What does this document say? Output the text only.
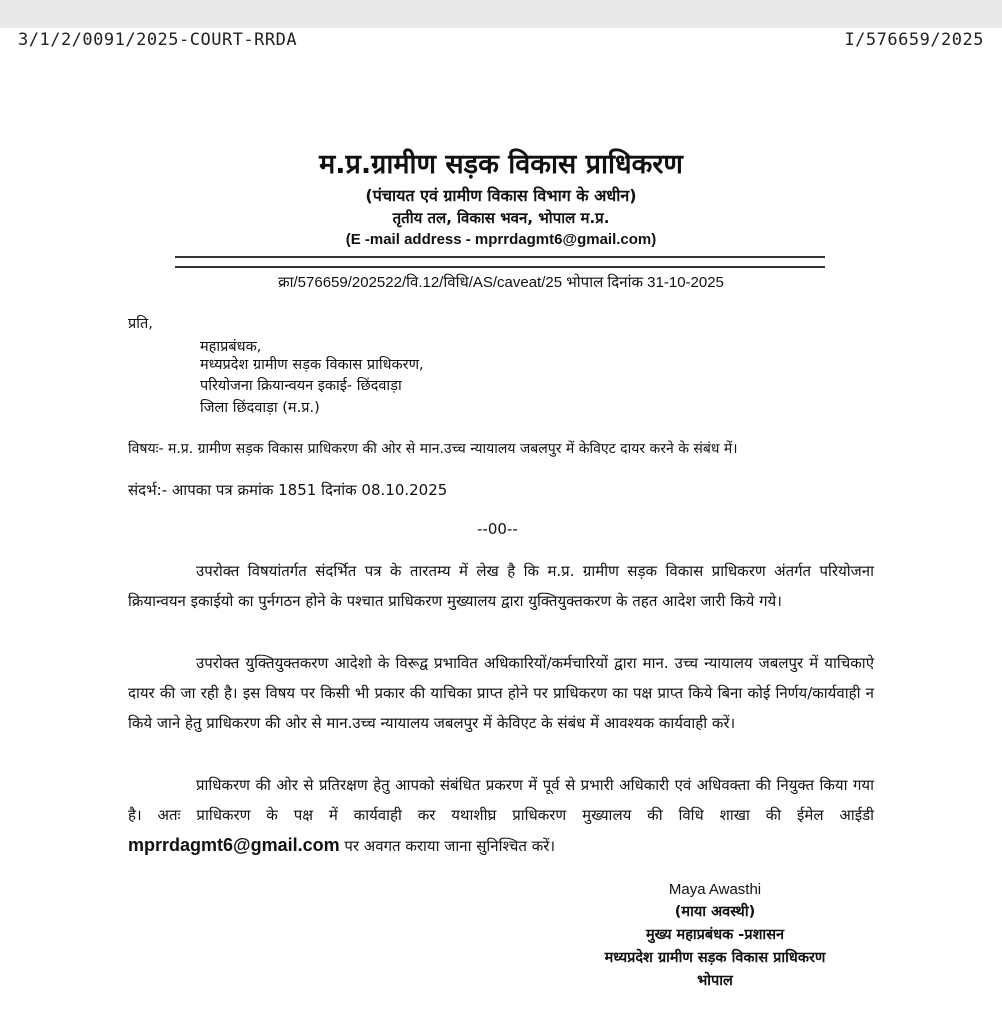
3/1/2/0091/2025-COURT-RRDA	I/576659/2025
म.प्र.ग्रामीण सड़क विकास प्राधिकरण
(पंचायत एवं ग्रामीण विकास विभाग के अधीन)
तृतीय तल, विकास भवन, भोपाल म.प्र.
(E -mail address - mprrdagmt6@gmail.com)
क्रा/576659/202522/वि.12/विधि/AS/caveat/25 भोपाल दिनांक 31-10-2025
प्रति,
महाप्रबंधक,
मध्यप्रदेश ग्रामीण सड़क विकास प्राधिकरण,
परियोजना क्रियान्वयन इकाई- छिंदवाड़ा
जिला छिंदवाड़ा (म.प्र.)
विषयः- म.प्र. ग्रामीण सड़क विकास प्राधिकरण की ओर से मान.उच्च न्यायालय जबलपुर में केविएट दायर करने के संबंध में।
संदर्भ:- आपका पत्र क्रमांक 1851 दिनांक 08.10.2025
--00--

उपरोक्त विषयांतर्गत संदर्भित पत्र के तारतम्य में लेख है कि म.प्र. ग्रामीण सड़क विकास प्राधिकरण अंतर्गत परियोजना क्रियान्वयन इकाईयो का पुर्नगठन होने के पश्चात प्राधिकरण मुख्यालय द्वारा युक्तियुक्तकरण के तहत आदेश जारी किये गये।

उपरोक्त युक्तियुक्तकरण आदेशो के विरूद्व प्रभावित अधिकारियों/कर्मचारियों द्वारा मान. उच्च न्यायालय जबलपुर में याचिकाऐ दायर की जा रही है। इस विषय पर किसी भी प्रकार की याचिका प्राप्त होने पर प्राधिकरण का पक्ष प्राप्त किये बिना कोई निर्णय/कार्यवाही न किये जाने हेतु प्राधिकरण की ओर से मान.उच्च न्यायालय जबलपुर में केविएट के संबंध में आवश्यक कार्यवाही करें।

प्राधिकरण की ओर से प्रतिरक्षण हेतु आपको संबंधित प्रकरण में पूर्व से प्रभारी अधिकारी एवं अधिवक्ता की नियुक्त किया गया है। अतः प्राधिकरण के पक्ष में कार्यवाही कर यथाशीघ्र प्राधिकरण मुख्यालय की विधि शाखा की ईमेल आईडी mprrdagmt6@gmail.com पर अवगत कराया जाना सुनिश्चित करें।

Maya Awasthi
(माया अवस्थी)
मुख्य महाप्रबंधक -प्रशासन
मध्यप्रदेश ग्रामीण सड़क विकास प्राधिकरण
भोपाल
